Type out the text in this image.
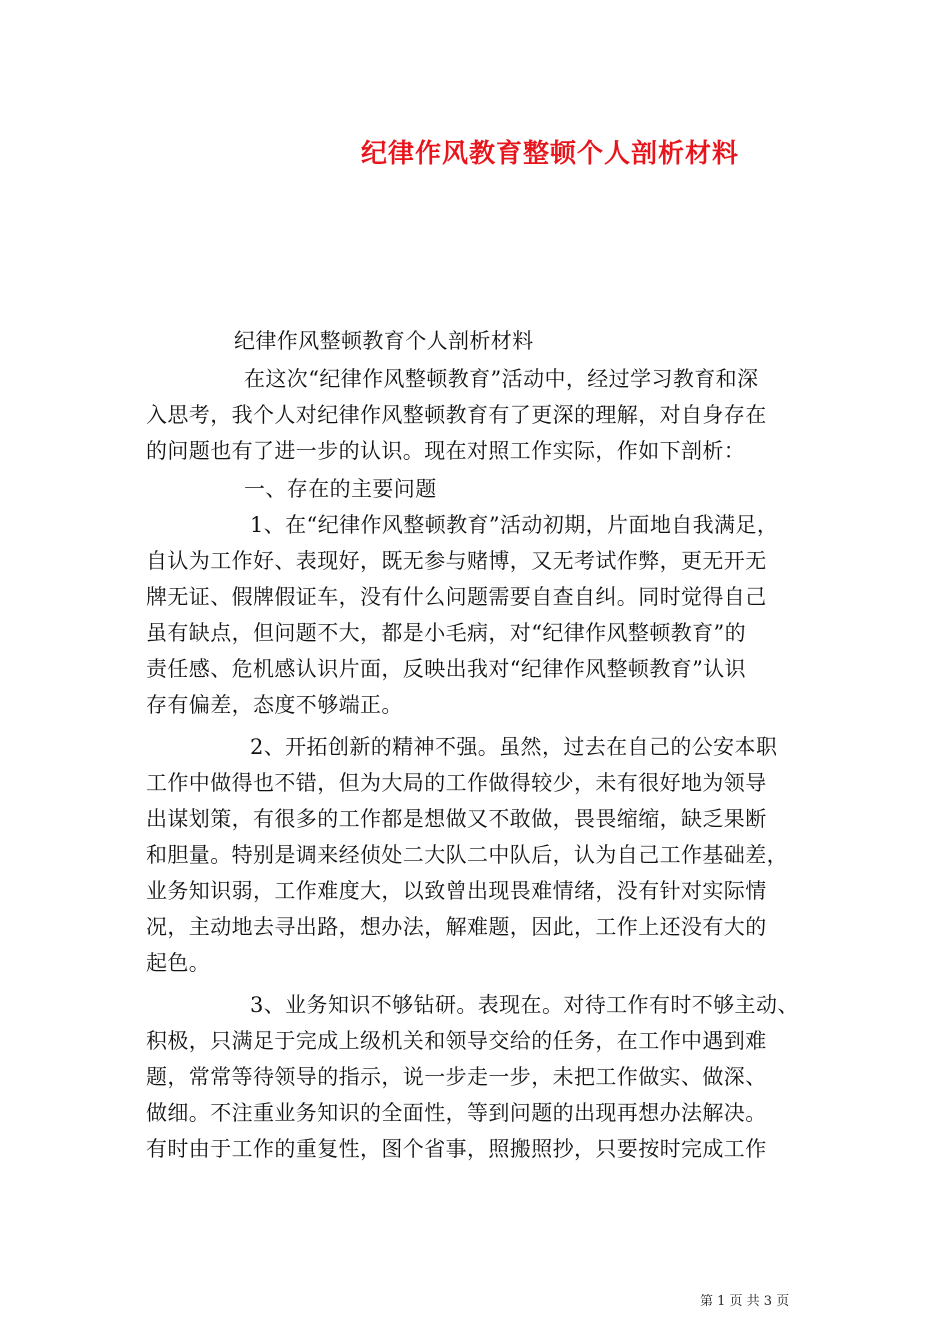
纪律作风教育整顿个人剖析材料
纪律作风整顿教育个人剖析材料
在这次“纪律作风整顿教育”活动中，经过学习教育和深
入思考，我个人对纪律作风整顿教育有了更深的理解，对自身存在
的问题也有了进一步的认识。现在对照工作实际，作如下剖析：
一、存在的主要问题
1、在“纪律作风整顿教育”活动初期，片面地自我满足，
自认为工作好、表现好，既无参与赌博，又无考试作弊，更无开无
牌无证、假牌假证车，没有什么问题需要自查自纠。同时觉得自己
虽有缺点，但问题不大，都是小毛病，对“纪律作风整顿教育”的
责任感、危机感认识片面，反映出我对“纪律作风整顿教育”认识
存有偏差，态度不够端正。
2、开拓创新的精神不强。虽然，过去在自己的公安本职
工作中做得也不错，但为大局的工作做得较少，未有很好地为领导
出谋划策，有很多的工作都是想做又不敢做，畏畏缩缩，缺乏果断
和胆量。特别是调来经侦处二大队二中队后，认为自己工作基础差，
业务知识弱，工作难度大，以致曾出现畏难情绪，没有针对实际情
况，主动地去寻出路，想办法，解难题，因此，工作上还没有大的
起色。
3、业务知识不够钻研。表现在。对待工作有时不够主动、
积极，只满足于完成上级机关和领导交给的任务，在工作中遇到难
题，常常等待领导的指示，说一步走一步，未把工作做实、做深、
做细。不注重业务知识的全面性，等到问题的出现再想办法解决。
有时由于工作的重复性，图个省事，照搬照抄，只要按时完成工作
第 1 页 共 3 页
